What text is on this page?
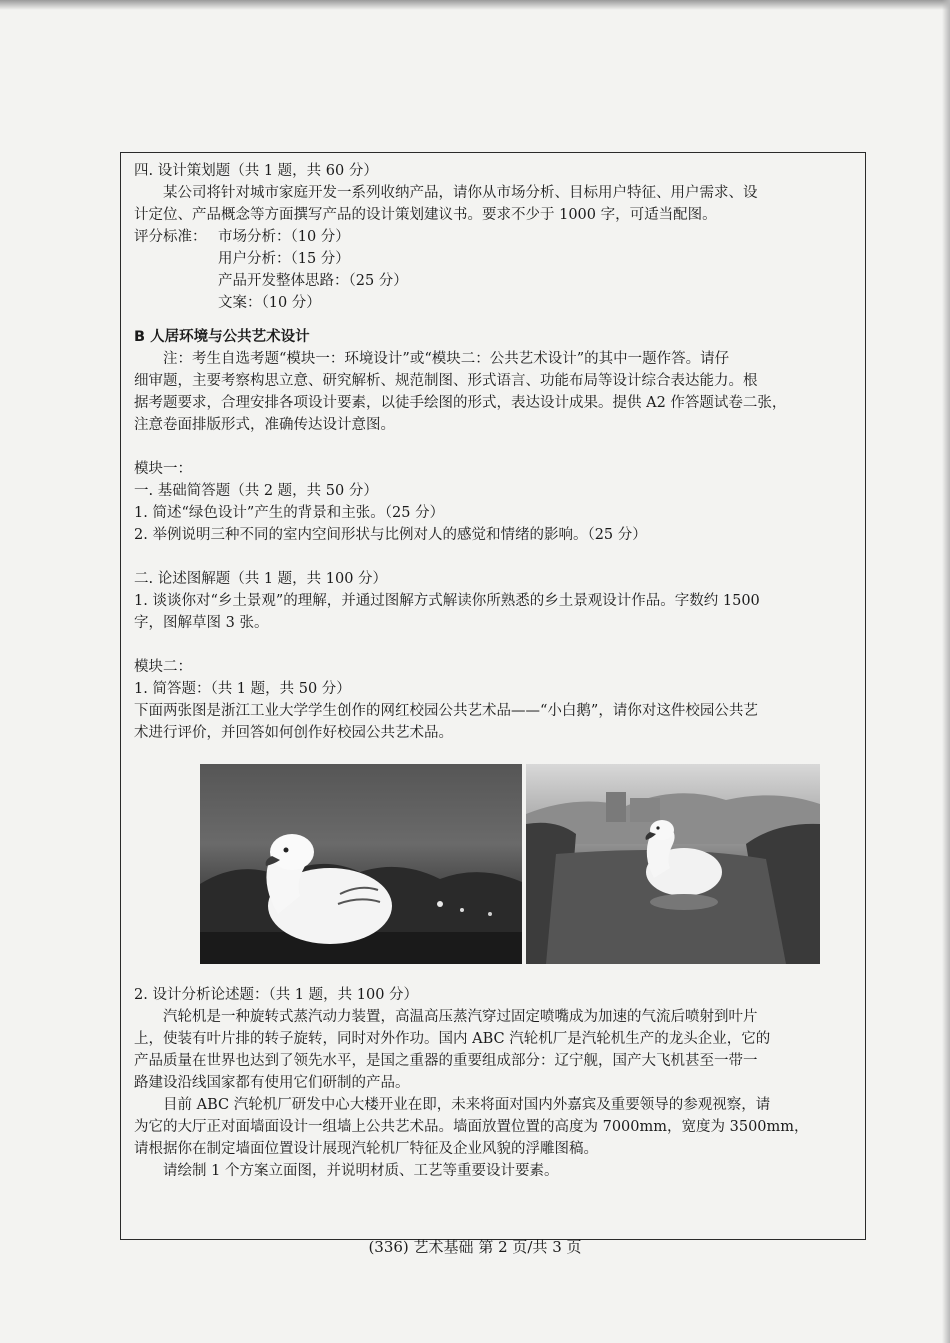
四. 设计策划题（共 1 题，共 60 分）

某公司将针对城市家庭开发一系列收纳产品，请你从市场分析、目标用户特征、用户需求、设

计定位、产品概念等方面撰写产品的设计策划建议书。要求不少于 1000 字，可适当配图。

评分标准： 市场分析：（10 分）

用户分析：（15 分）

产品开发整体思路：（25 分）

文案：（10 分）

B 人居环境与公共艺术设计

注：考生自选考题“模块一：环境设计”或“模块二：公共艺术设计”的其中一题作答。请仔

细审题，主要考察构思立意、研究解析、规范制图、形式语言、功能布局等设计综合表达能力。根

据考题要求，合理安排各项设计要素，以徒手绘图的形式，表达设计成果。提供 A2 作答题试卷二张，

注意卷面排版形式，准确传达设计意图。

模块一：

一. 基础简答题（共 2 题，共 50 分）

1. 简述“绿色设计”产生的背景和主张。（25 分）

2. 举例说明三种不同的室内空间形状与比例对人的感觉和情绪的影响。（25 分）

二. 论述图解题（共 1 题，共 100 分）

1. 谈谈你对“乡土景观”的理解，并通过图解方式解读你所熟悉的乡土景观设计作品。字数约 1500

字，图解草图 3 张。

模块二：

1. 简答题：（共 1 题，共 50 分）

下面两张图是浙江工业大学学生创作的网红校园公共艺术品——“小白鹅”，请你对这件校园公共艺

术进行评价，并回答如何创作好校园公共艺术品。

2. 设计分析论述题：（共 1 题，共 100 分）

汽轮机是一种旋转式蒸汽动力装置，高温高压蒸汽穿过固定喷嘴成为加速的气流后喷射到叶片

上，使装有叶片排的转子旋转，同时对外作功。国内 ABC 汽轮机厂是汽轮机生产的龙头企业，它的

产品质量在世界也达到了领先水平，是国之重器的重要组成部分：辽宁舰，国产大飞机甚至一带一

路建设沿线国家都有使用它们研制的产品。

目前 ABC 汽轮机厂研发中心大楼开业在即，未来将面对国内外嘉宾及重要领导的参观视察，请

为它的大厅正对面墙面设计一组墙上公共艺术品。墙面放置位置的高度为 7000mm，宽度为 3500mm，

请根据你在制定墙面位置设计展现汽轮机厂特征及企业风貌的浮雕图稿。

请绘制 1 个方案立面图，并说明材质、工艺等重要设计要素。

(336) 艺术基础 第 2 页/共 3 页
